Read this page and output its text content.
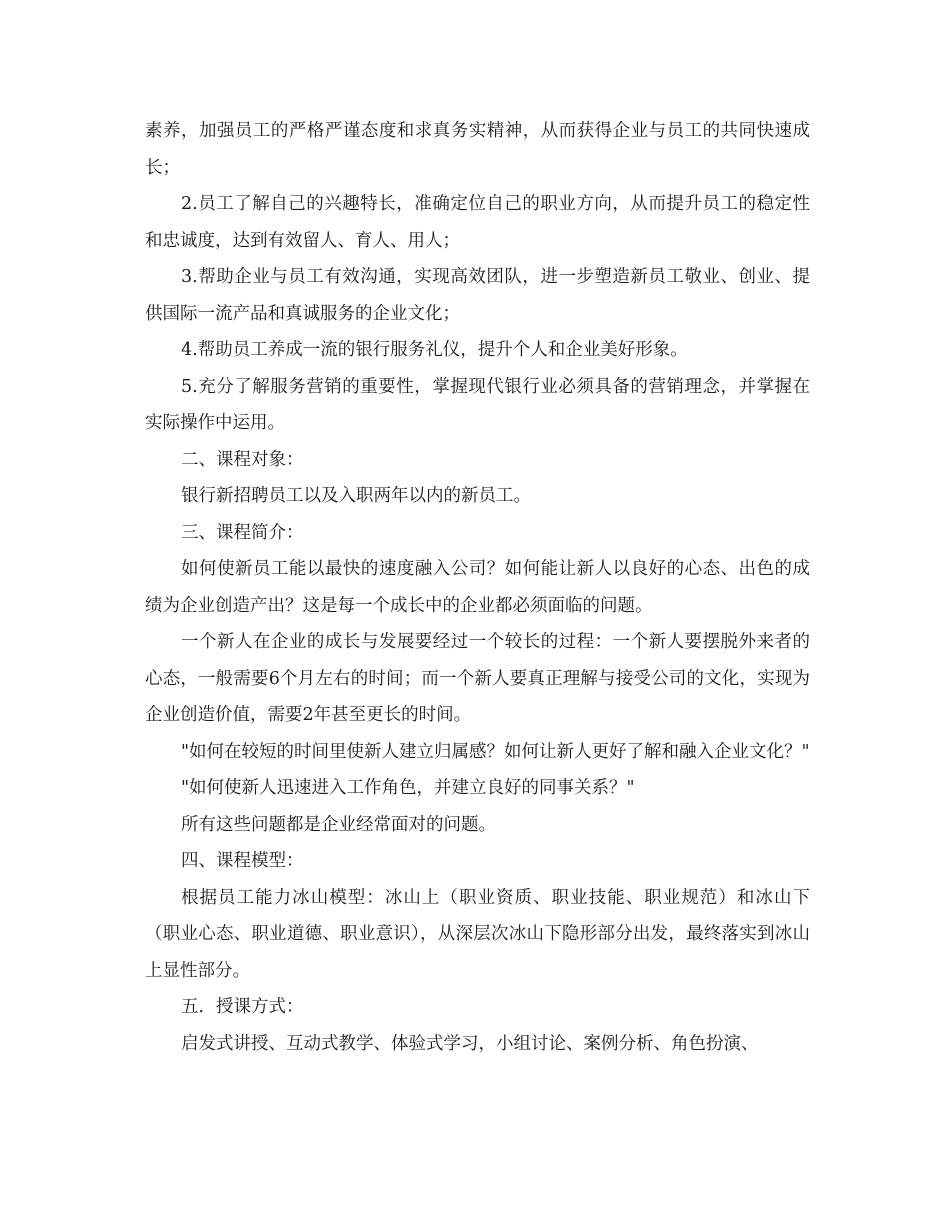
素养，加强员工的严格严谨态度和求真务实精神，从而获得企业与员工的共同快速成长；

2.员工了解自己的兴趣特长，准确定位自己的职业方向，从而提升员工的稳定性和忠诚度，达到有效留人、育人、用人；

3.帮助企业与员工有效沟通，实现高效团队，进一步塑造新员工敬业、创业、提供国际一流产品和真诚服务的企业文化；

4.帮助员工养成一流的银行服务礼仪，提升个人和企业美好形象。

5.充分了解服务营销的重要性，掌握现代银行业必须具备的营销理念，并掌握在实际操作中运用。

二、课程对象：

银行新招聘员工以及入职两年以内的新员工。

三、课程简介：

如何使新员工能以最快的速度融入公司？如何能让新人以良好的心态、出色的成绩为企业创造产出？这是每一个成长中的企业都必须面临的问题。

一个新人在企业的成长与发展要经过一个较长的过程：一个新人要摆脱外来者的心态，一般需要6个月左右的时间；而一个新人要真正理解与接受公司的文化，实现为企业创造价值，需要2年甚至更长的时间。

"如何在较短的时间里使新人建立归属感？如何让新人更好了解和融入企业文化？"

"如何使新人迅速进入工作角色，并建立良好的同事关系？"

所有这些问题都是企业经常面对的问题。

四、课程模型：

根据员工能力冰山模型：冰山上（职业资质、职业技能、职业规范）和冰山下（职业心态、职业道德、职业意识），从深层次冰山下隐形部分出发，最终落实到冰山上显性部分。

五．授课方式：

启发式讲授、互动式教学、体验式学习，小组讨论、案例分析、角色扮演、
